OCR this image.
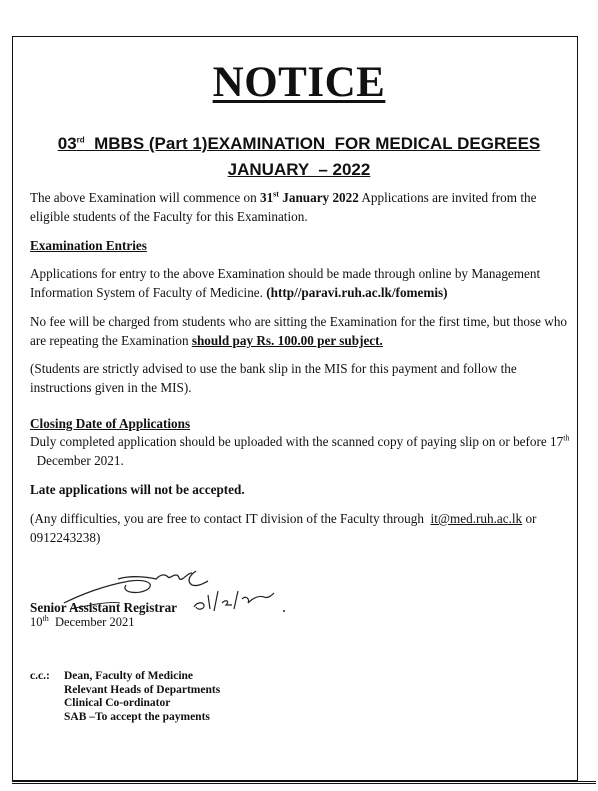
NOTICE
03rd  MBBS (Part 1)EXAMINATION  FOR MEDICAL DEGREES
JANUARY  – 2022
The above Examination will commence on 31st January 2022 Applications are invited from the eligible students of the Faculty for this Examination.
Examination Entries
Applications for entry to the above Examination should be made through online by Management Information System of Faculty of Medicine. (http//paravi.ruh.ac.lk/fomemis)
No fee will be charged from students who are sitting the Examination for the first time, but those who are repeating the Examination should pay Rs. 100.00 per subject.
(Students are strictly advised to use the bank slip in the MIS for this payment and follow the instructions given in the MIS).
Closing Date of Applications
Duly completed application should be uploaded with the scanned copy of paying slip on or before 17th  December 2021.
Late applications will not be accepted.
(Any difficulties, you are free to contact IT division of the Faculty through  it@med.ruh.ac.lk or 0912243238)
Senior Assistant Registrar
10th  December 2021
c.c.: Dean, Faculty of Medicine
Relevant Heads of Departments
Clinical Co-ordinator
SAB –To accept the payments
